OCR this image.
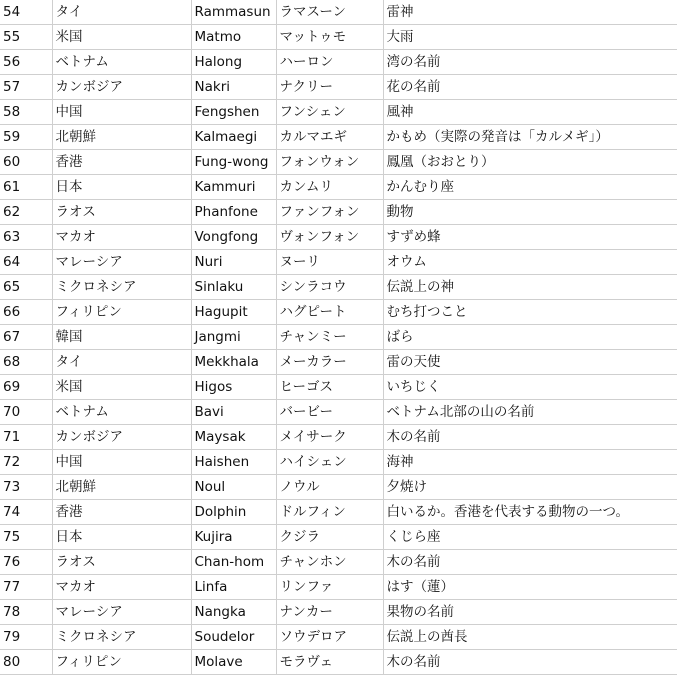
54	タイ	Rammasun	ラマスーン	雷神
55	米国	Matmo	マットゥモ	大雨
56	ベトナム	Halong	ハーロン	湾の名前
57	カンボジア	Nakri	ナクリー	花の名前
58	中国	Fengshen	フンシェン	風神
59	北朝鮮	Kalmaegi	カルマエギ	かもめ（実際の発音は「カルメギ」）
60	香港	Fung-wong	フォンウォン	鳳凰（おおとり）
61	日本	Kammuri	カンムリ	かんむり座
62	ラオス	Phanfone	ファンフォン	動物
63	マカオ	Vongfong	ヴォンフォン	すずめ蜂
64	マレーシア	Nuri	ヌーリ	オウム
65	ミクロネシア	Sinlaku	シンラコウ	伝説上の神
66	フィリピン	Hagupit	ハグピート	むち打つこと
67	韓国	Jangmi	チャンミー	ばら
68	タイ	Mekkhala	メーカラー	雷の天使
69	米国	Higos	ヒーゴス	いちじく
70	ベトナム	Bavi	バービー	ベトナム北部の山の名前
71	カンボジア	Maysak	メイサーク	木の名前
72	中国	Haishen	ハイシェン	海神
73	北朝鮮	Noul	ノウル	夕焼け
74	香港	Dolphin	ドルフィン	白いるか。香港を代表する動物の一つ。
75	日本	Kujira	クジラ	くじら座
76	ラオス	Chan-hom	チャンホン	木の名前
77	マカオ	Linfa	リンファ	はす（蓮）
78	マレーシア	Nangka	ナンカー	果物の名前
79	ミクロネシア	Soudelor	ソウデロア	伝説上の酋長
80	フィリピン	Molave	モラヴェ	木の名前
